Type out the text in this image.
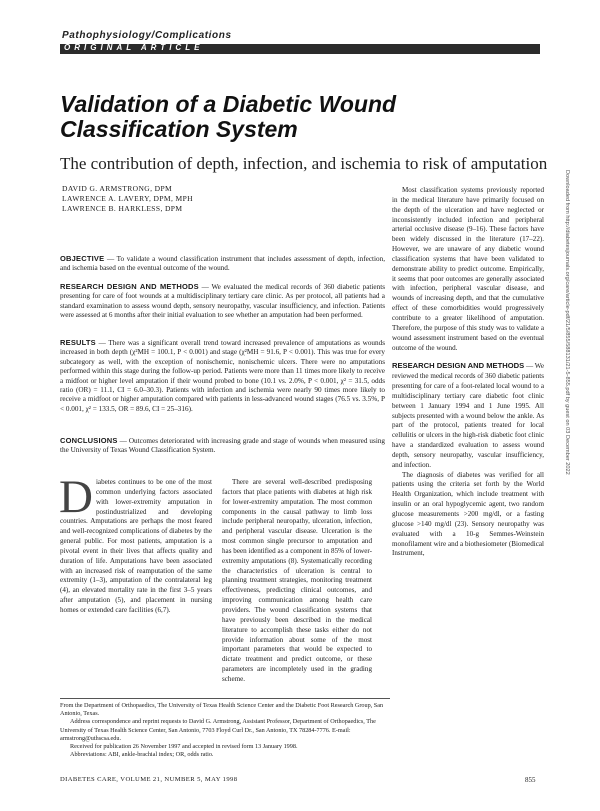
Pathophysiology/Complications
ORIGINAL ARTICLE
Validation of a Diabetic Wound Classification System
The contribution of depth, infection, and ischemia to risk of amputation
DAVID G. ARMSTRONG, DPM
LAWRENCE A. LAVERY, DPM, MPH
LAWRENCE B. HARKLESS, DPM
OBJECTIVE — To validate a wound classification instrument that includes assessment of depth, infection, and ischemia based on the eventual outcome of the wound.
RESEARCH DESIGN AND METHODS — We evaluated the medical records of 360 diabetic patients presenting for care of foot wounds at a multidisciplinary tertiary care clinic. As per protocol, all patients had a standard examination to assess wound depth, sensory neuropathy, vascular insufficiency, and infection. Patients were assessed at 6 months after their initial evaluation to see whether an amputation had been performed.
RESULTS — There was a significant overall trend toward increased prevalence of amputations as wounds increased in both depth (χ²MH = 100.1, P < 0.001) and stage (χ²MH = 91.6, P < 0.001). This was true for every subcategory as well, with the exception of nonischemic, nonischemic ulcers. There were no amputations performed within this stage during the follow-up period. Patients were more than 11 times more likely to receive a midfoot or higher level amputation if their wound probed to bone (10.1 vs. 2.0%, P < 0.001, χ² = 31.5, odds ratio (OR) = 11.1, CI = 6.0–30.3). Patients with infection and ischemia were nearly 90 times more likely to receive a midfoot or higher amputation compared with patients in less-advanced wound stages (76.5 vs. 3.5%, P < 0.001, χ² = 133.5, OR = 89.6, CI = 25–316).
CONCLUSIONS — Outcomes deteriorated with increasing grade and stage of wounds when measured using the University of Texas Wound Classification System.
D iabetes continues to be one of the most common underlying factors associated with lower-extremity amputation in postindustrialized and developing countries. Amputations are perhaps the most feared and well-recognized complications of diabetes by the general public. For most patients, amputation is a pivotal event in their lives that affects quality and duration of life. Amputations have been associated with an increased risk of reamputation of the same extremity (1–3), amputation of the contralateral leg (4), an elevated mortality rate in the first 3–5 years after amputation (5), and placement in nursing homes or extended care facilities (6,7).

There are several well-described predisposing factors that place patients with diabetes at high risk for lower-extremity amputation. The most common components in the causal pathway to limb loss include peripheral neuropathy, ulceration, infection, and peripheral vascular disease. Ulceration is the most common single precursor to amputation and has been identified as a component in 85% of lower-extremity amputations (8). Systematically recording the characteristics of ulceration is central to planning treatment strategies, monitoring treatment effectiveness, predicting clinical outcomes, and improving communication among health care providers. The wound classification systems that have previously been described in the medical literature to accomplish these tasks either do not provide information about some of the most important parameters that would be expected to dictate treatment and predict outcome, or these parameters are incompletely used in the grading scheme.

Most classification systems previously reported in the medical literature have primarily focused on the depth of the ulceration and have neglected or inconsistently included infection and peripheral arterial occlusive disease (9–16). These factors have been widely discussed in the literature (17–22). However, we are unaware of any diabetic wound classification systems that have been validated to demonstrate ability to predict outcome. Empirically, it seems that poor outcomes are generally associated with infection, peripheral vascular disease, and wounds of increasing depth, and that the cumulative effect of these comorbidities would progressively contribute to a greater likelihood of amputation. Therefore, the purpose of this study was to validate a wound assessment instrument based on the eventual outcome of the wound.

RESEARCH DESIGN AND METHODS — We reviewed the medical records of 360 diabetic patients presenting for care of a foot-related local wound to a multidisciplinary tertiary care diabetic foot clinic between 1 January 1994 and 1 June 1995. All subjects presented with a wound below the ankle. As part of the protocol, patients treated for local cellulitis or ulcers in the high-risk diabetic foot clinic have a standardized evaluation to assess wound depth, sensory neuropathy, vascular insufficiency, and infection.

The diagnosis of diabetes was verified for all patients using the criteria set forth by the World Health Organization, which include treatment with insulin or an oral hypoglycemic agent, two random glucose measurements >200 mg/dl, or a fasting glucose >140 mg/dl (23). Sensory neuropathy was evaluated with a 10-g Semmes-Weinstein monofilament wire and a biothesiometer (Biomedical Instrument,

From the Department of Orthopaedics, The University of Texas Health Science Center and the Diabetic Foot Research Group, San Antonio, Texas.

Address correspondence and reprint requests to David G. Armstrong, Assistant Professor, Department of Orthopaedics, The University of Texas Health Science Center, San Antonio, 7703 Floyd Curl Dr., San Antonio, TX 78284-7776. E-mail: armstrong@uthscsa.edu.

Received for publication 26 November 1997 and accepted in revised form 13 January 1998.

Abbreviations: ABI, ankle-brachial index; OR, odds ratio.

DIABETES CARE, VOLUME 21, NUMBER 5, MAY 1998	855
Downloaded from http://diabetesjournals.org/care/article-pdf/21/5/855/588131/21-5-855.pdf by guest on 03 December 2022
